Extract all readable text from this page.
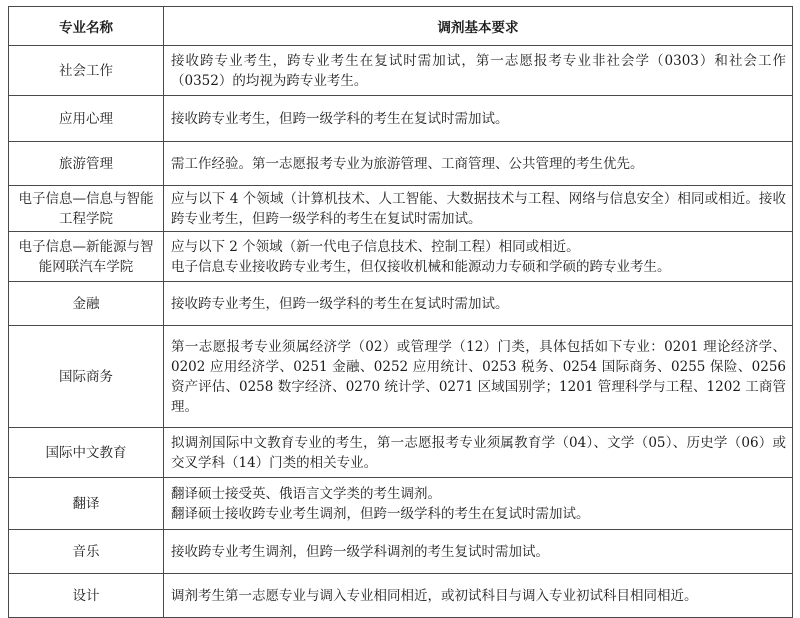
专业名称	调剂基本要求
社会工作	接收跨专业考生，跨专业考生在复试时需加试，第一志愿报考专业非社会学（0303）和社会工作（0352）的均视为跨专业考生。

应用心理	接收跨专业考生，但跨一级学科的考生在复试时需加试。

旅游管理	需工作经验。第一志愿报考专业为旅游管理、工商管理、公共管理的考生优先。

电子信息—信息与智能工程学院	应与以下 4 个领域（计算机技术、人工智能、大数据技术与工程、网络与信息安全）相同或相近。接收跨专业考生，但跨一级学科的考生在复试时需加试。

电子信息—新能源与智能网联汽车学院	应与以下 2 个领域（新一代电子信息技术、控制工程）相同或相近。
电子信息专业接收跨专业考生，但仅接收机械和能源动力专硕和学硕的跨专业考生。

金融	接收跨专业考生，但跨一级学科的考生在复试时需加试。

国际商务	第一志愿报考专业须属经济学（02）或管理学（12）门类，具体包括如下专业：0201 理论经济学、0202 应用经济学、0251 金融、0252 应用统计、0253 税务、0254 国际商务、0255 保险、0256 资产评估、0258 数字经济、0270 统计学、0271 区域国别学；1201 管理科学与工程、1202 工商管理。

国际中文教育	拟调剂国际中文教育专业的考生，第一志愿报考专业须属教育学（04）、文学（05）、历史学（06）或交叉学科（14）门类的相关专业。

翻译	翻译硕士接受英、俄语言文学类的考生调剂。
翻译硕士接收跨专业考生调剂，但跨一级学科的考生在复试时需加试。

音乐	接收跨专业考生调剂，但跨一级学科调剂的考生复试时需加试。

设计	调剂考生第一志愿专业与调入专业相同相近，或初试科目与调入专业初试科目相同相近。
